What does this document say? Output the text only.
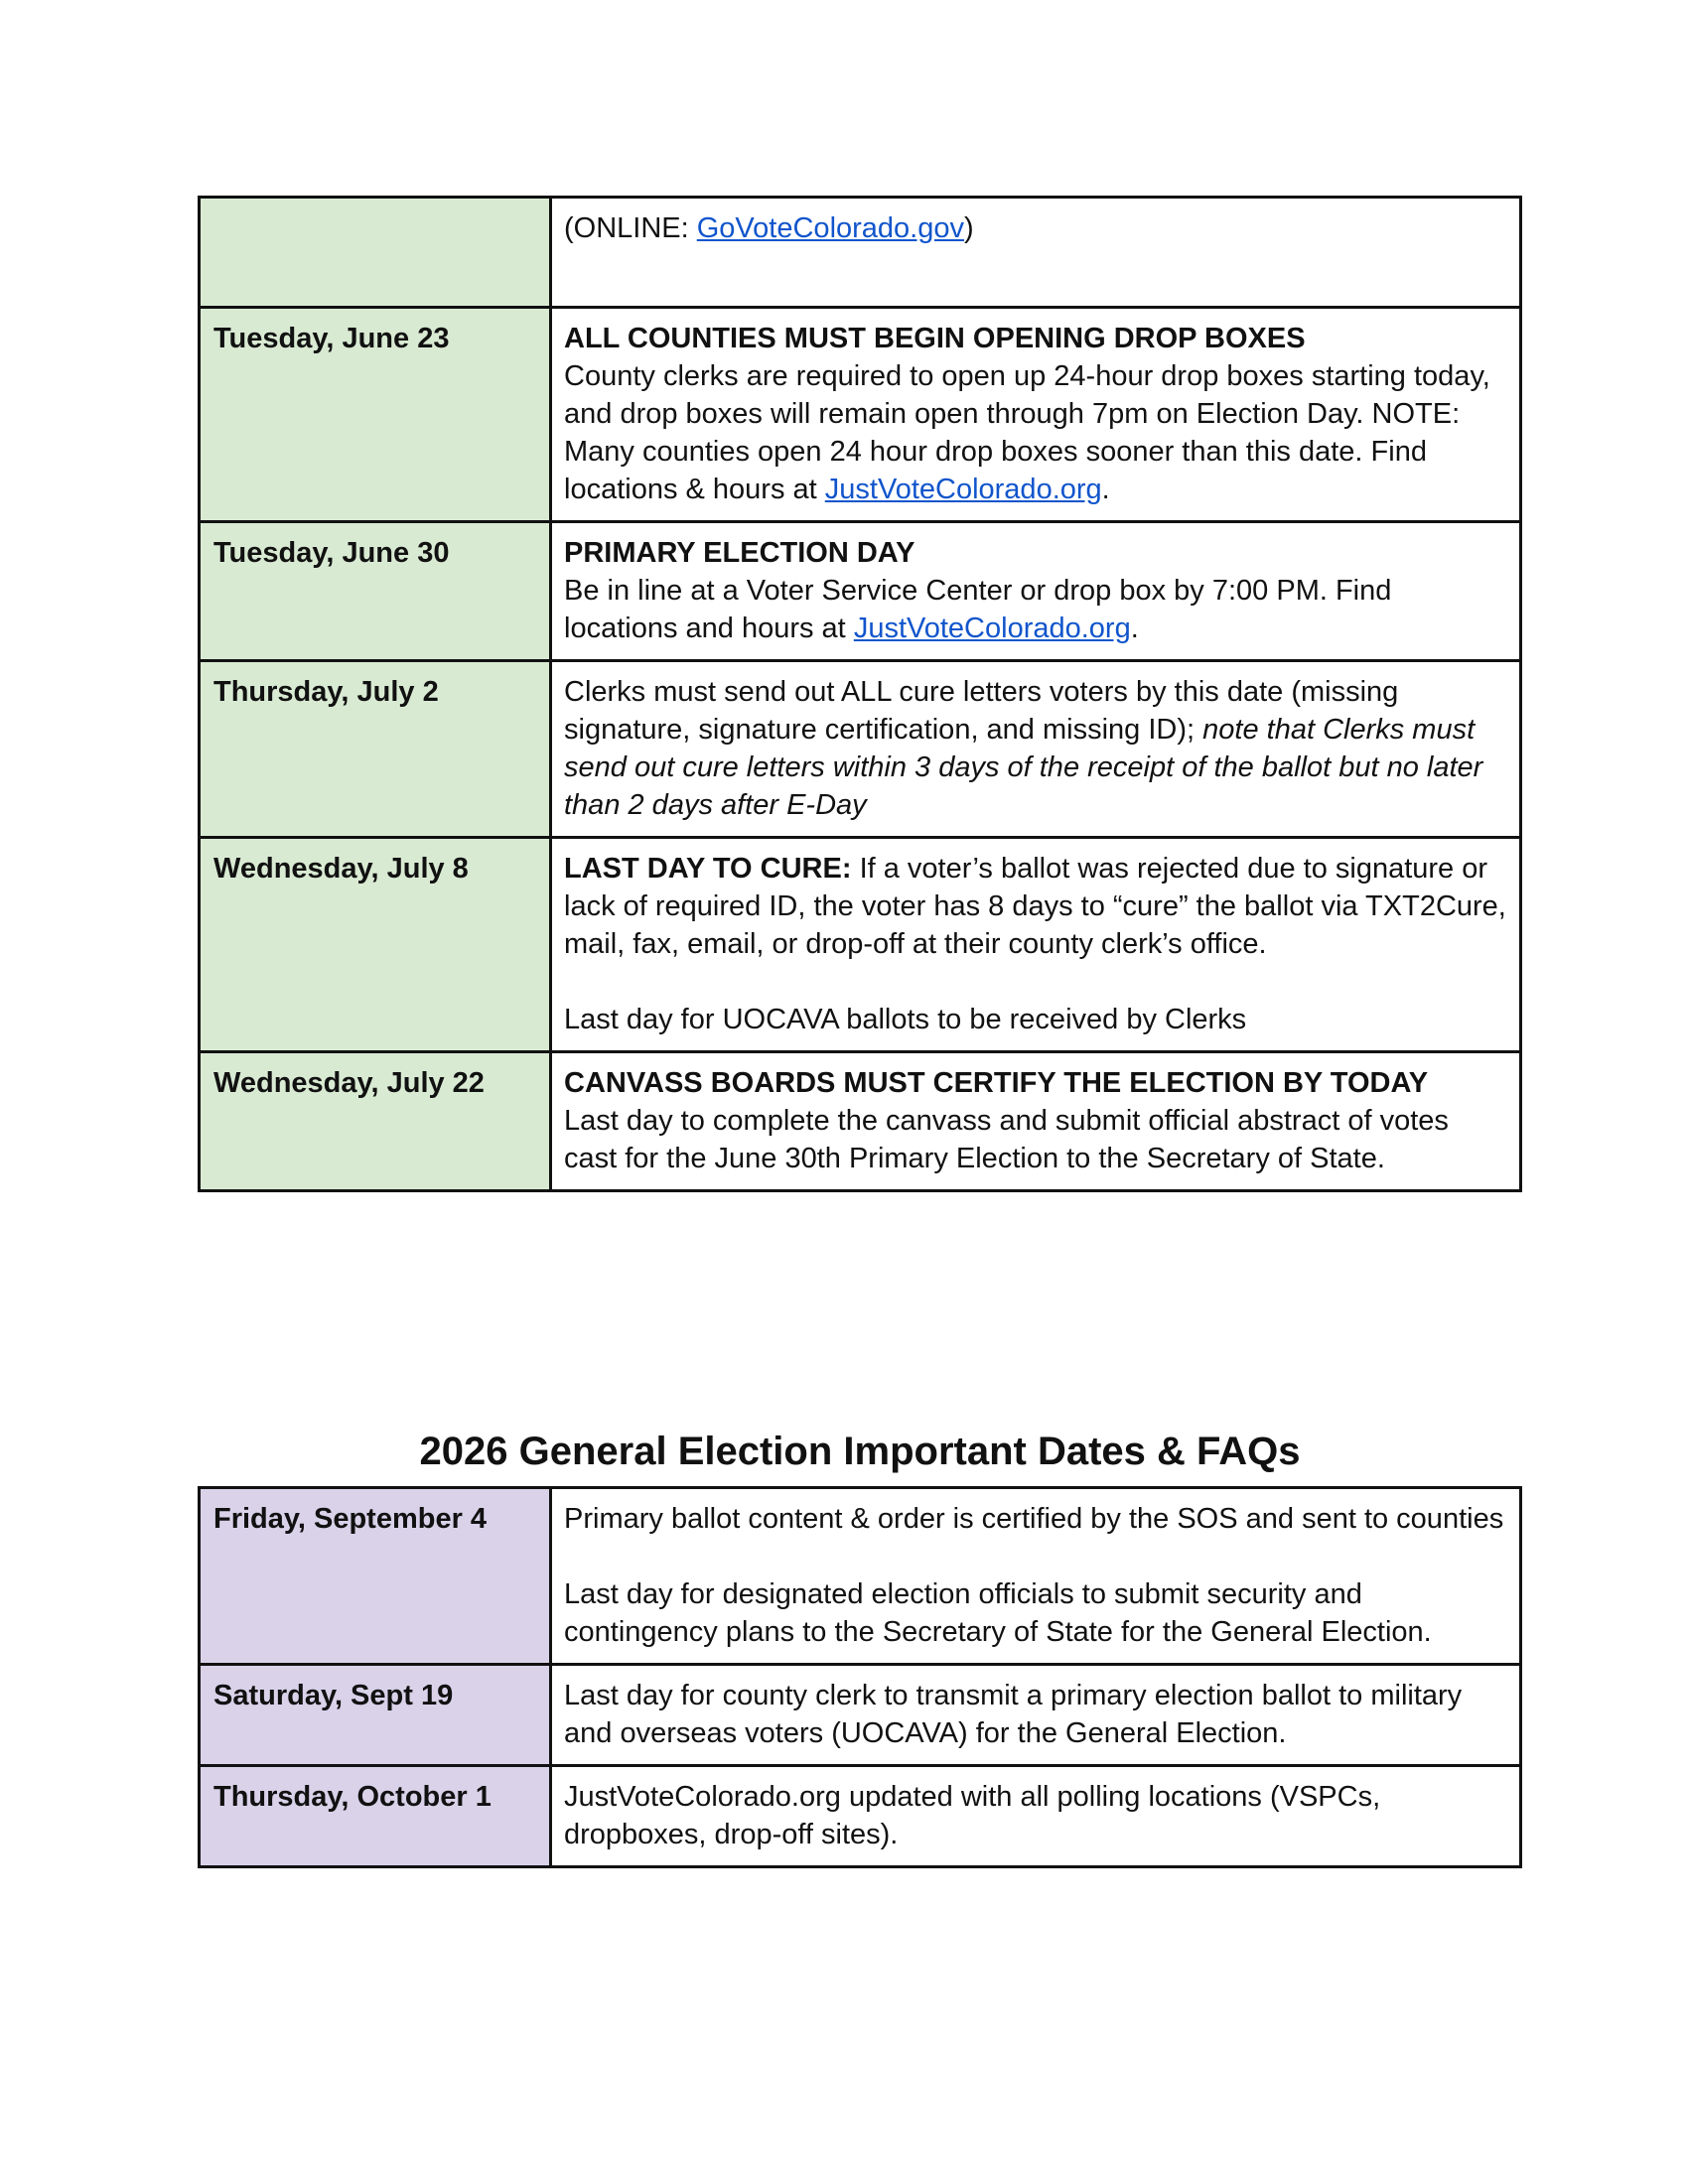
	(ONLINE: GoVoteColorado.gov)
Tuesday, June 23	ALL COUNTIES MUST BEGIN OPENING DROP BOXES
County clerks are required to open up 24-hour drop boxes starting today, and drop boxes will remain open through 7pm on Election Day. NOTE: Many counties open 24 hour drop boxes sooner than this date. Find locations & hours at JustVoteColorado.org.
Tuesday, June 30	PRIMARY ELECTION DAY
Be in line at a Voter Service Center or drop box by 7:00 PM. Find locations and hours at JustVoteColorado.org.
Thursday, July 2	Clerks must send out ALL cure letters voters by this date (missing signature, signature certification, and missing ID); note that Clerks must send out cure letters within 3 days of the receipt of the ballot but no later than 2 days after E-Day
Wednesday, July 8	LAST DAY TO CURE: If a voter’s ballot was rejected due to signature or lack of required ID, the voter has 8 days to “cure” the ballot via TXT2Cure, mail, fax, email, or drop-off at their county clerk’s office.
Last day for UOCAVA ballots to be received by Clerks
Wednesday, July 22	CANVASS BOARDS MUST CERTIFY THE ELECTION BY TODAY
Last day to complete the canvass and submit official abstract of votes cast for the June 30th Primary Election to the Secretary of State.
2026 General Election Important Dates & FAQs
Friday, September 4	Primary ballot content & order is certified by the SOS and sent to counties
Last day for designated election officials to submit security and contingency plans to the Secretary of State for the General Election.
Saturday, Sept 19	Last day for county clerk to transmit a primary election ballot to military and overseas voters (UOCAVA) for the General Election.
Thursday, October 1	JustVoteColorado.org updated with all polling locations (VSPCs, dropboxes, drop-off sites).
